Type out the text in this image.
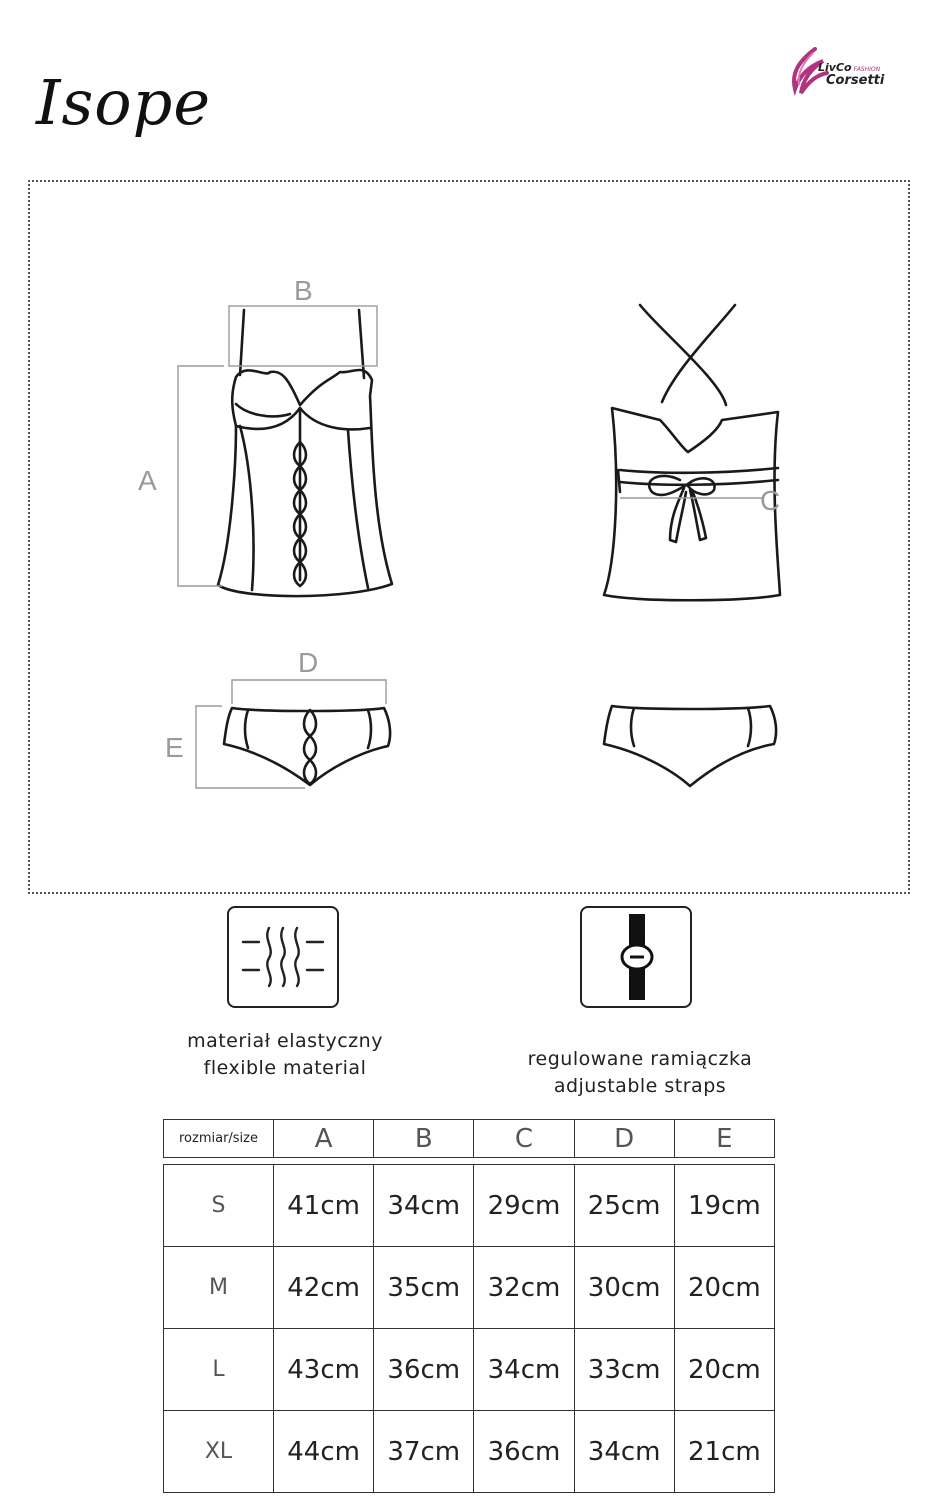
Isope	LivCo FASHION
Corsetti
B
A
C
D
E
materiał elastyczny
flexible material	regulowane ramiączka
adjustable straps
rozmiar/size	A	B	C	D	E

S	41cm	34cm	29cm	25cm	19cm
M	42cm	35cm	32cm	30cm	20cm
L	43cm	36cm	34cm	33cm	20cm
XL	44cm	37cm	36cm	34cm	21cm
